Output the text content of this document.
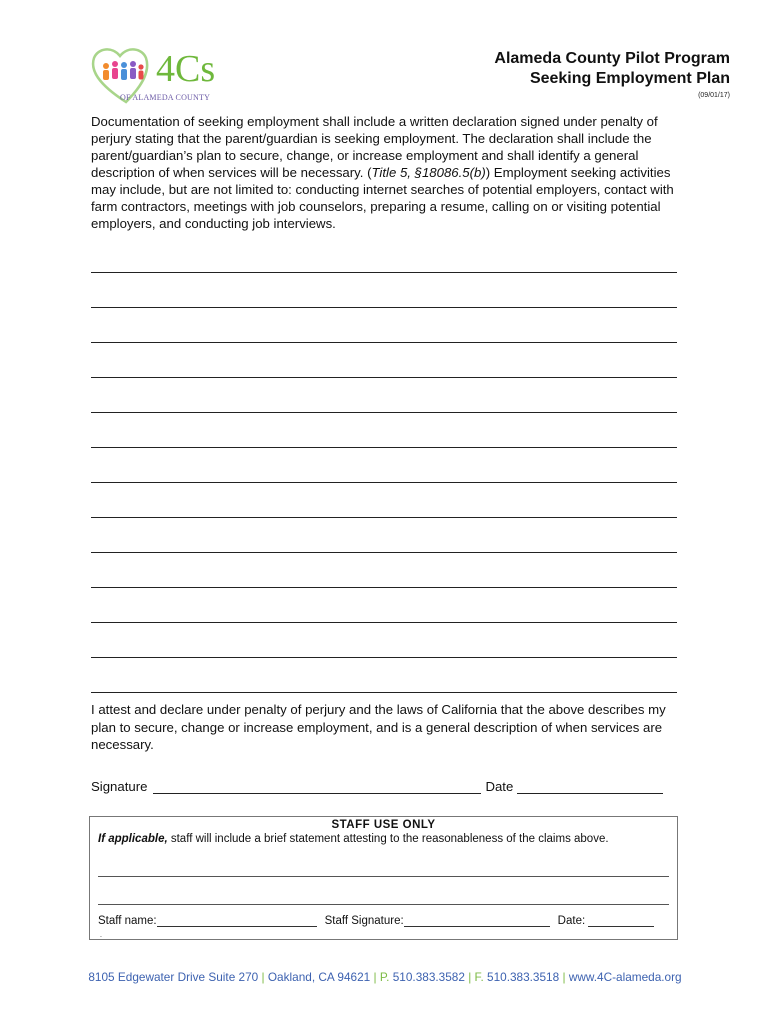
4Cs
OF ALAMEDA COUNTY
Alameda County Pilot Program
Seeking Employment Plan
(09/01/17)
Documentation of seeking employment shall include a written declaration signed under penalty of perjury stating that the parent/guardian is seeking employment. The declaration shall include the parent/guardian’s plan to secure, change, or increase employment and shall identify a general description of when services will be necessary. (Title 5, §18086.5(b)) Employment seeking activities may include, but are not limited to: conducting internet searches of potential employers, contact with farm contractors, meetings with job counselors, preparing a resume, calling on or visiting potential employers, and conducting job interviews.
I attest and declare under penalty of perjury and the laws of California that the above describes my plan to secure, change or increase employment, and is a general description of when services are necessary.
Signature	Date
STAFF USE ONLY
If applicable, staff will include a brief statement attesting to the reasonableness of the claims above.
Staff name:	Staff Signature:	Date:
.
8105 Edgewater Drive Suite 270 | Oakland, CA 94621 | P. 510.383.3582 | F. 510.383.3518 | www.4C-alameda.org
